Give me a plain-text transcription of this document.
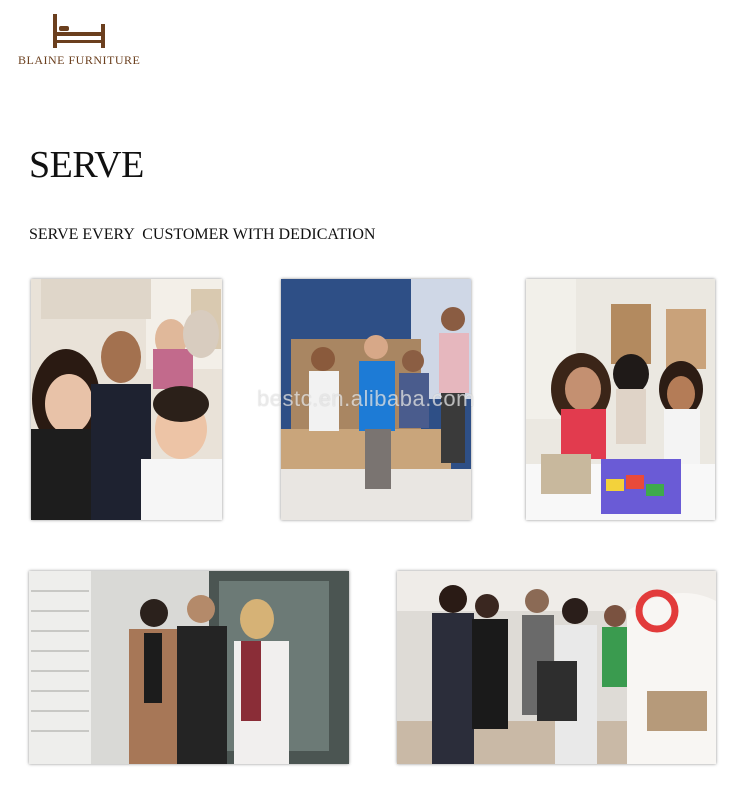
BLAINE FURNITURE
SERVE
SERVE EVERY  CUSTOMER WITH DEDICATION
bestc.en.alibaba.com
